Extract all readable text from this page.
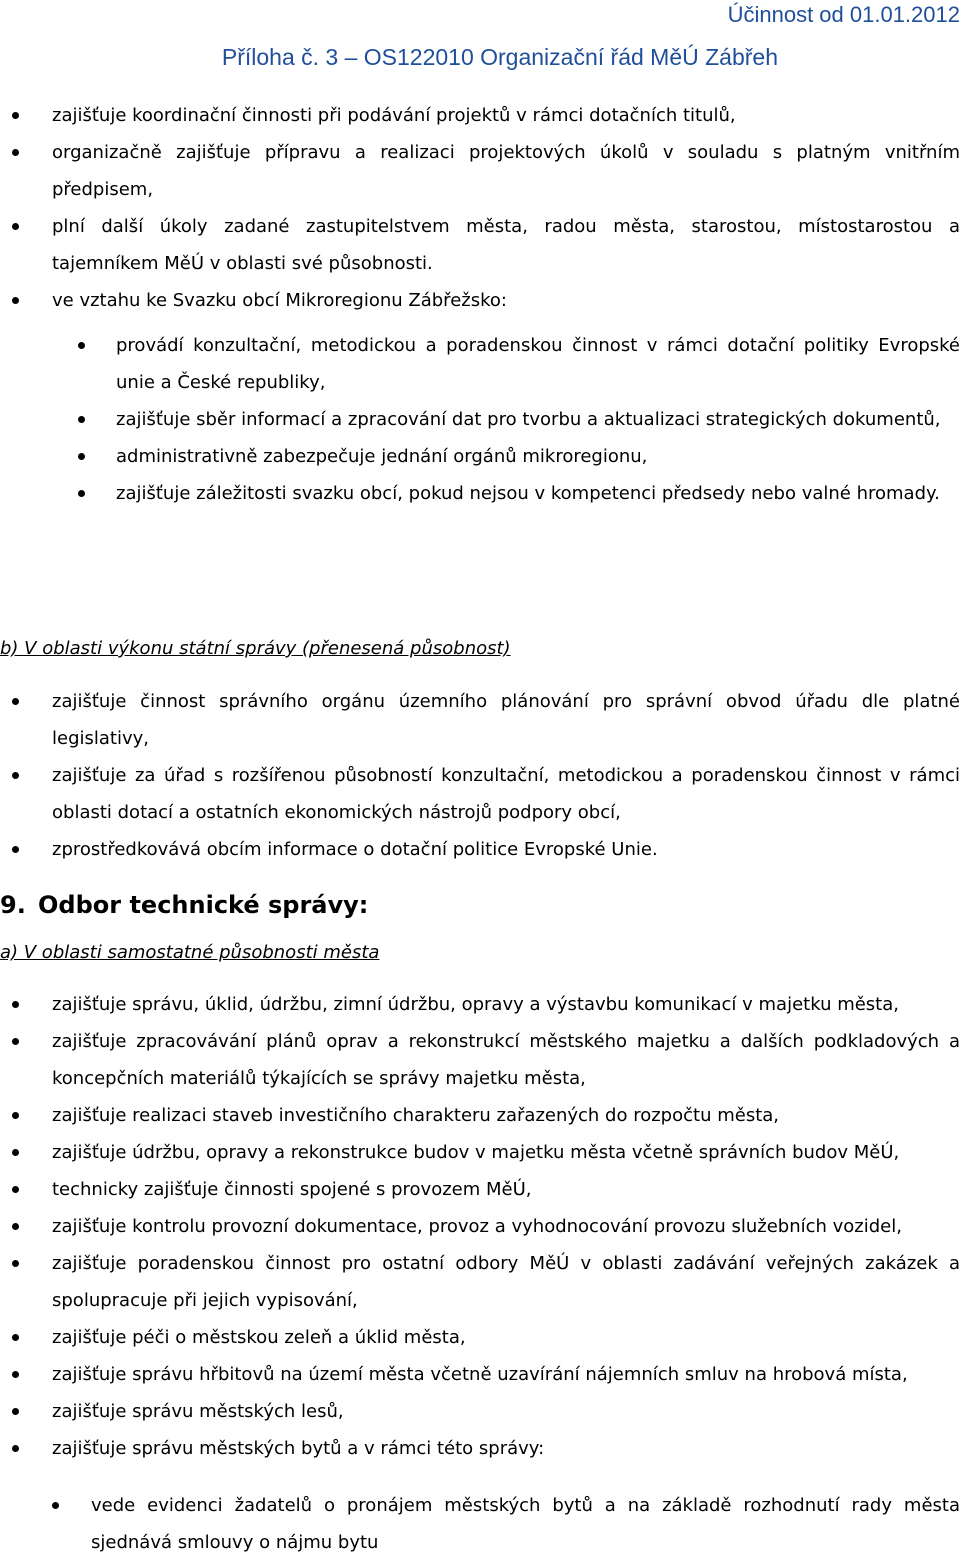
Účinnost od 01.01.2012
Příloha č. 3 – OS122010 Organizační řád MěÚ Zábřeh
zajišťuje koordinační činnosti při podávání projektů v rámci dotačních titulů,
organizačně zajišťuje přípravu a realizaci projektových úkolů v souladu s platným vnitřním předpisem,
plní další úkoly zadané zastupitelstvem města, radou města, starostou, místostarostou a tajemníkem MěÚ v oblasti své působnosti.
ve vztahu ke Svazku obcí Mikroregionu Zábřežsko:
provádí konzultační, metodickou a poradenskou činnost v rámci dotační politiky Evropské unie a České republiky,
zajišťuje sběr informací a zpracování dat pro tvorbu a aktualizaci strategických dokumentů,
administrativně zabezpečuje jednání orgánů mikroregionu,
zajišťuje záležitosti svazku obcí, pokud nejsou v kompetenci předsedy nebo valné hromady.
b) V oblasti výkonu státní správy (přenesená působnost)
zajišťuje činnost správního orgánu územního plánování pro správní obvod úřadu dle platné legislativy,
zajišťuje za úřad s rozšířenou působností konzultační, metodickou a poradenskou činnost v rámci oblasti dotací a ostatních ekonomických nástrojů podpory obcí,
zprostředkovává obcím informace o dotační politice Evropské Unie.
9. Odbor technické správy:
a) V oblasti samostatné působnosti města
zajišťuje správu, úklid, údržbu, zimní údržbu, opravy a výstavbu komunikací v majetku města,
zajišťuje zpracovávání plánů oprav a rekonstrukcí městského majetku a dalších podkladových a koncepčních materiálů týkajících se správy majetku města,
zajišťuje realizaci staveb investičního charakteru zařazených do rozpočtu města,
zajišťuje údržbu, opravy a rekonstrukce budov v majetku města včetně správních budov MěÚ,
technicky zajišťuje činnosti spojené s provozem MěÚ,
zajišťuje kontrolu provozní dokumentace, provoz a vyhodnocování provozu služebních vozidel,
zajišťuje poradenskou činnost pro ostatní odbory MěÚ v oblasti zadávání veřejných zakázek a spolupracuje při jejich vypisování,
zajišťuje péči o městskou zeleň a úklid města,
zajišťuje správu hřbitovů na území města včetně uzavírání nájemních smluv na hrobová místa,
zajišťuje správu městských lesů,
zajišťuje správu městských bytů a v rámci této správy:
vede evidenci žadatelů o pronájem městských bytů a na základě rozhodnutí rady města sjednává smlouvy o nájmu bytu
